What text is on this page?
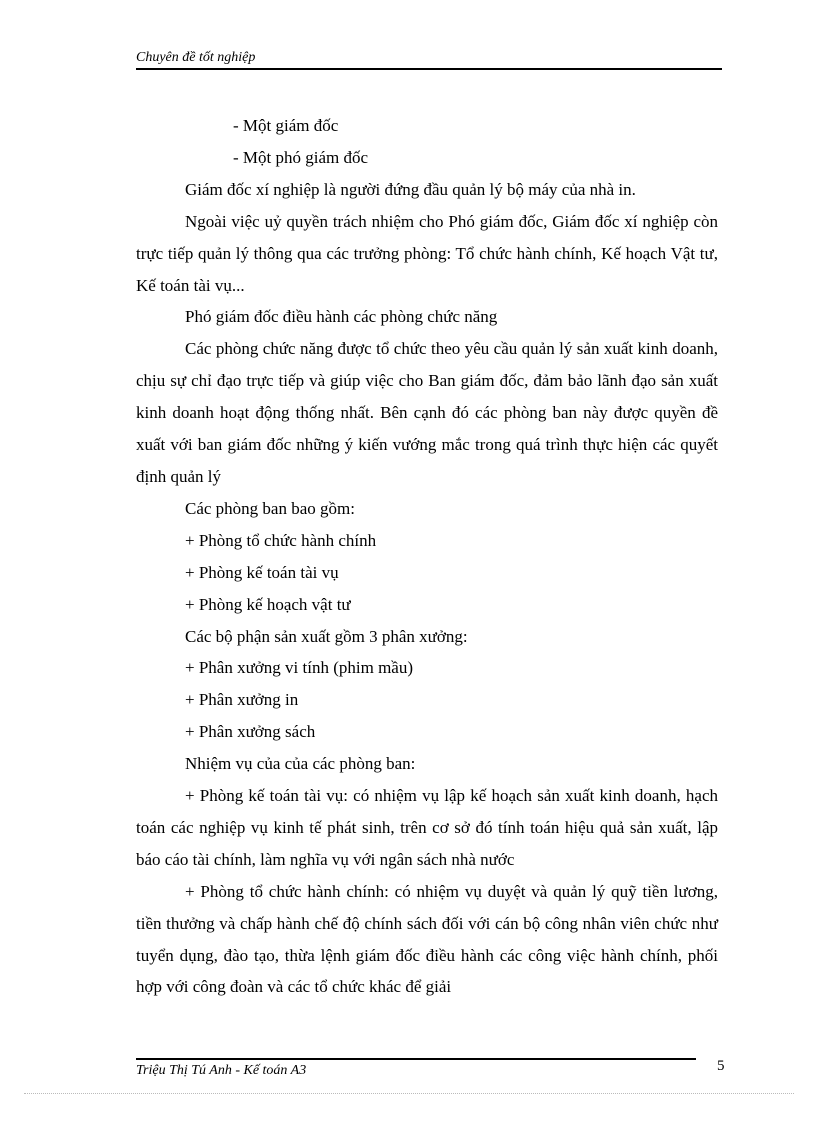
Chuyên đề tốt nghiệp

- Một giám đốc

- Một phó giám đốc

Giám đốc xí nghiệp là người đứng đầu quản lý bộ máy của nhà in.

Ngoài việc uỷ quyền trách nhiệm cho Phó giám đốc, Giám đốc xí nghiệp còn trực tiếp quản lý thông qua các trưởng phòng: Tổ chức hành chính, Kế hoạch Vật tư, Kế toán tài vụ...

Phó giám đốc điều hành các phòng chức năng

Các phòng chức năng được tổ chức theo yêu cầu quản lý sản xuất kinh doanh, chịu sự chỉ đạo trực tiếp và giúp việc cho Ban giám đốc, đảm bảo lãnh đạo sản xuất kinh doanh hoạt động thống nhất. Bên cạnh đó các phòng ban này được quyền đề xuất với ban giám đốc những ý kiến vướng mắc trong quá trình thực hiện các quyết định quản lý

Các phòng ban bao gồm:

+ Phòng tổ chức hành chính

+ Phòng kế toán tài vụ

+ Phòng kế hoạch vật tư

Các bộ phận sản xuất gồm 3 phân xưởng:

+ Phân xưởng vi tính (phim mầu)

+ Phân xưởng in

+ Phân xưởng sách

Nhiệm vụ của của các phòng ban:

+ Phòng kế toán tài vụ: có nhiệm vụ lập kế hoạch sản xuất kinh doanh, hạch toán các nghiệp vụ kinh tế phát sinh, trên cơ sở đó tính toán hiệu quả sản xuất, lập báo cáo tài chính, làm nghĩa vụ với ngân sách nhà nước

+ Phòng tổ chức hành chính: có nhiệm vụ duyệt và quản lý quỹ tiền lương, tiền thưởng và chấp hành chế độ chính sách đối với cán bộ công nhân viên chức như tuyển dụng, đào tạo, thừa lệnh giám đốc điều hành các công việc hành chính, phối hợp với công đoàn và các tổ chức khác để giải

Triệu Thị Tú Anh - Kế toán A3	5
